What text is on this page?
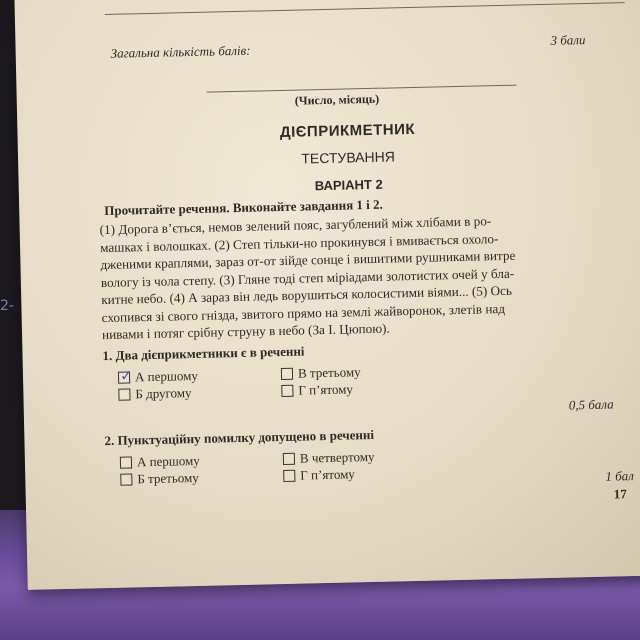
Загальна кількість балів:
3 бали
(Число, місяць)
ДІЄПРИКМЕТНИК
ТЕСТУВАННЯ
ВАРІАНТ 2
Прочитайте речення. Виконайте завдання 1 і 2.
(1) Дорога в’ється, немов зелений пояс, загублений між хлібами в ро-
машках і волошках. (2) Степ тільки-но прокинувся і вмивається охоло-
дженими краплями, зараз от-от зійде сонце і вишитими рушниками витре
вологу із чола степу. (3) Гляне тоді степ міріадами золотистих очей у бла-
китне небо. (4) А зараз він ледь ворушиться колосистими віями... (5) Ось
схопився зі свого гнізда, звитого прямо на землі жайворонок, злетів над
нивами і потяг срібну струну в небо (За І. Цюпою).
1. Два дієприкметники є в реченні
✓ А першому
Б другому
В третьому
Г п’ятому
0,5 бала
2. Пунктуаційну помилку допущено в реченні
А першому
Б третьому
В четвертому
Г п’ятому	1 бал
17
2-
